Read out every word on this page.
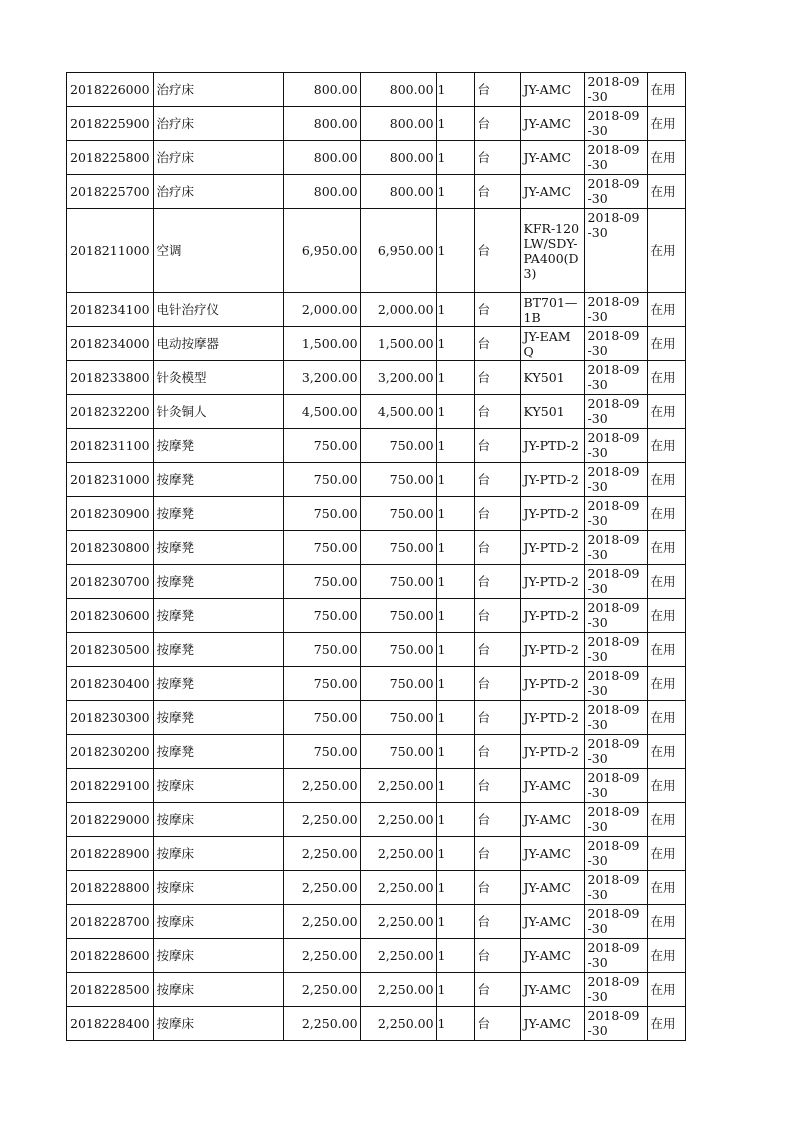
2018226000	治疗床	800.00	800.00	1	台	JY-AMC	2018-09-30	在用
2018225900	治疗床	800.00	800.00	1	台	JY-AMC	2018-09-30	在用
2018225800	治疗床	800.00	800.00	1	台	JY-AMC	2018-09-30	在用
2018225700	治疗床	800.00	800.00	1	台	JY-AMC	2018-09-30	在用
2018211000	空调	6,950.00	6,950.00	1	台	KFR-120LW/SDY-PA400(D3)	2018-09-30	在用
2018234100	电针治疗仪	2,000.00	2,000.00	1	台	BT701—1B	2018-09-30	在用
2018234000	电动按摩器	1,500.00	1,500.00	1	台	JY-EAMQ	2018-09-30	在用
2018233800	针灸模型	3,200.00	3,200.00	1	台	KY501	2018-09-30	在用
2018232200	针灸铜人	4,500.00	4,500.00	1	台	KY501	2018-09-30	在用
2018231100	按摩凳	750.00	750.00	1	台	JY-PTD-2	2018-09-30	在用
2018231000	按摩凳	750.00	750.00	1	台	JY-PTD-2	2018-09-30	在用
2018230900	按摩凳	750.00	750.00	1	台	JY-PTD-2	2018-09-30	在用
2018230800	按摩凳	750.00	750.00	1	台	JY-PTD-2	2018-09-30	在用
2018230700	按摩凳	750.00	750.00	1	台	JY-PTD-2	2018-09-30	在用
2018230600	按摩凳	750.00	750.00	1	台	JY-PTD-2	2018-09-30	在用
2018230500	按摩凳	750.00	750.00	1	台	JY-PTD-2	2018-09-30	在用
2018230400	按摩凳	750.00	750.00	1	台	JY-PTD-2	2018-09-30	在用
2018230300	按摩凳	750.00	750.00	1	台	JY-PTD-2	2018-09-30	在用
2018230200	按摩凳	750.00	750.00	1	台	JY-PTD-2	2018-09-30	在用
2018229100	按摩床	2,250.00	2,250.00	1	台	JY-AMC	2018-09-30	在用
2018229000	按摩床	2,250.00	2,250.00	1	台	JY-AMC	2018-09-30	在用
2018228900	按摩床	2,250.00	2,250.00	1	台	JY-AMC	2018-09-30	在用
2018228800	按摩床	2,250.00	2,250.00	1	台	JY-AMC	2018-09-30	在用
2018228700	按摩床	2,250.00	2,250.00	1	台	JY-AMC	2018-09-30	在用
2018228600	按摩床	2,250.00	2,250.00	1	台	JY-AMC	2018-09-30	在用
2018228500	按摩床	2,250.00	2,250.00	1	台	JY-AMC	2018-09-30	在用
2018228400	按摩床	2,250.00	2,250.00	1	台	JY-AMC	2018-09-30	在用
